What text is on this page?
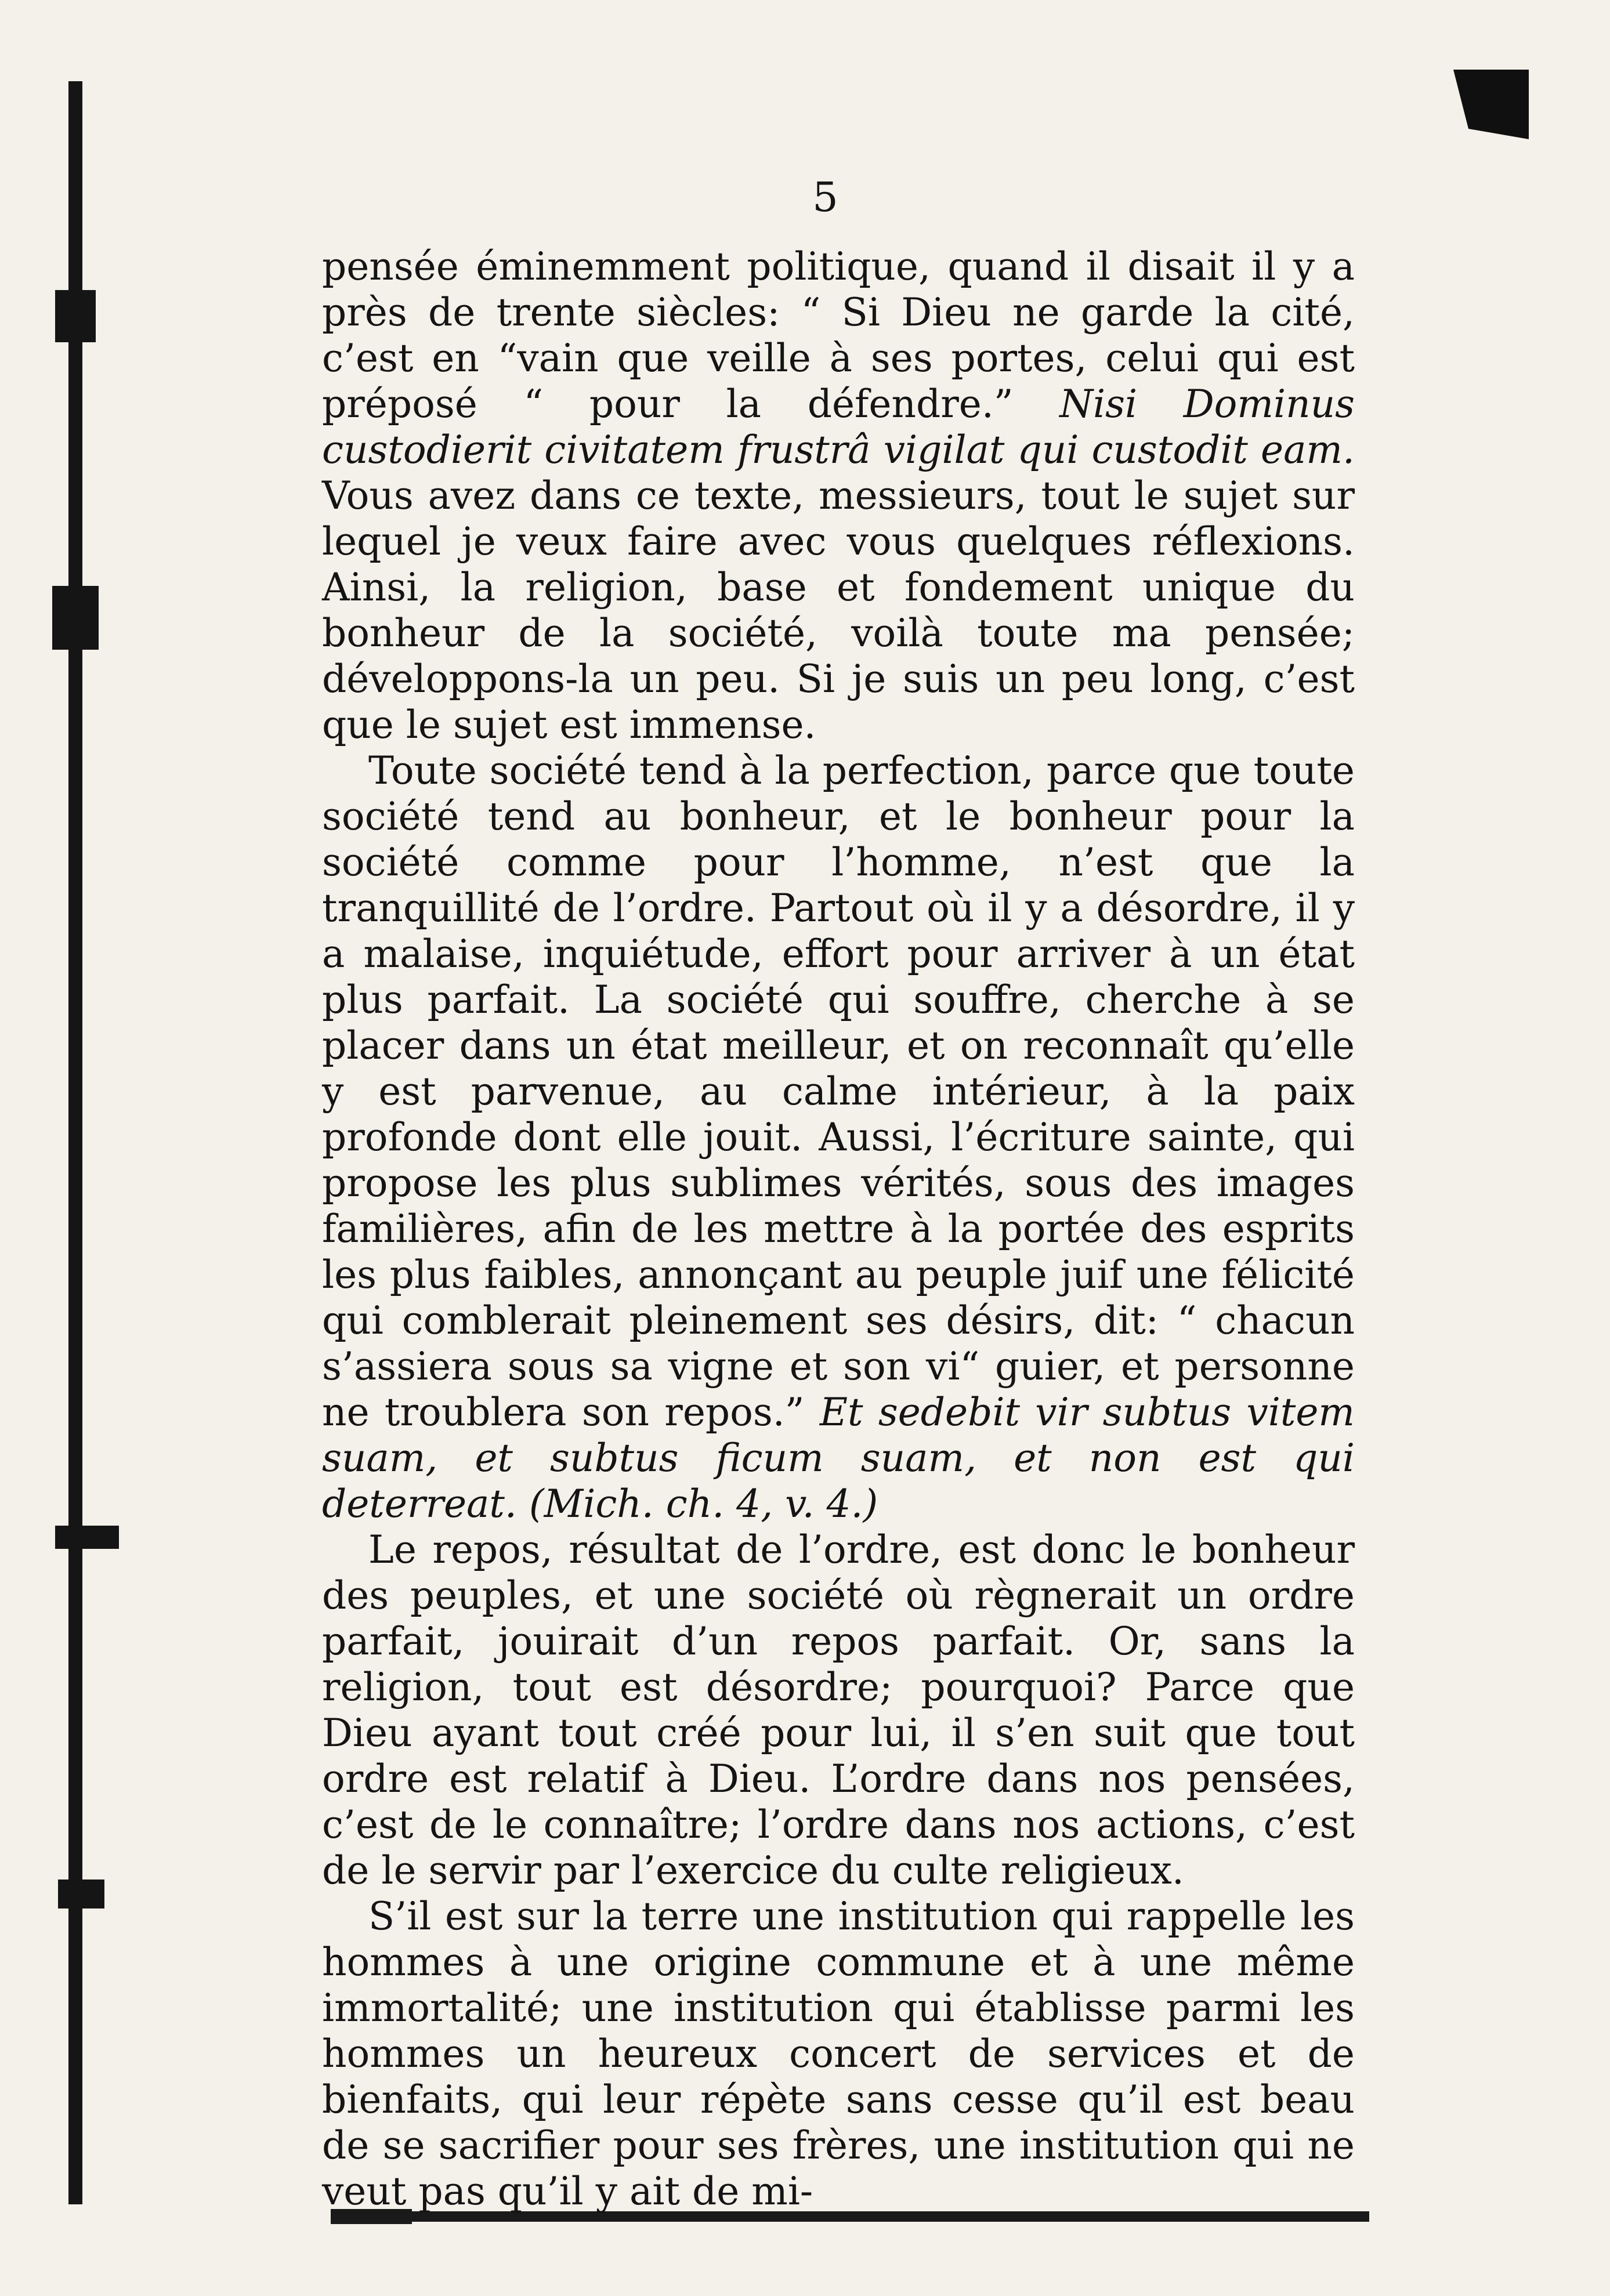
5

pensée éminemment politique, quand il disait il y a près de trente siècles: “ Si Dieu ne garde la cité, c’est en “vain que veille à ses portes, celui qui est préposé “ pour la défendre.” Nisi Dominus custodierit civitatem frustrâ vigilat qui custodit eam. Vous avez dans ce texte, messieurs, tout le sujet sur lequel je veux faire avec vous quelques réflexions. Ainsi, la religion, base et fondement unique du bonheur de la société, voilà toute ma pensée; développons-la un peu. Si je suis un peu long, c’est que le sujet est immense.

Toute société tend à la perfection, parce que toute société tend au bonheur, et le bonheur pour la société comme pour l’homme, n’est que la tranquillité de l’ordre. Partout où il y a désordre, il y a malaise, inquiétude, effort pour arriver à un état plus parfait. La société qui souffre, cherche à se placer dans un état meilleur, et on reconnaît qu’elle y est parvenue, au calme intérieur, à la paix profonde dont elle jouit. Aussi, l’écriture sainte, qui propose les plus sublimes vérités, sous des images familières, afin de les mettre à la portée des esprits les plus faibles, annonçant au peuple juif une félicité qui comblerait pleinement ses désirs, dit: “ chacun s’assiera sous sa vigne et son vi“ guier, et personne ne troublera son repos.” Et sedebit vir subtus vitem suam, et subtus ficum suam, et non est qui deterreat. (Mich. ch. 4, v. 4.)

Le repos, résultat de l’ordre, est donc le bonheur des peuples, et une société où règnerait un ordre parfait, jouirait d’un repos parfait. Or, sans la religion, tout est désordre; pourquoi? Parce que Dieu ayant tout créé pour lui, il s’en suit que tout ordre est relatif à Dieu. L’ordre dans nos pensées, c’est de le connaître; l’ordre dans nos actions, c’est de le servir par l’exercice du culte religieux.

S’il est sur la terre une institution qui rappelle les hommes à une origine commune et à une même immortalité; une institution qui établisse parmi les hommes un heureux concert de services et de bienfaits, qui leur répète sans cesse qu’il est beau de se sacrifier pour ses frères, une institution qui ne veut pas qu’il y ait de mi-
